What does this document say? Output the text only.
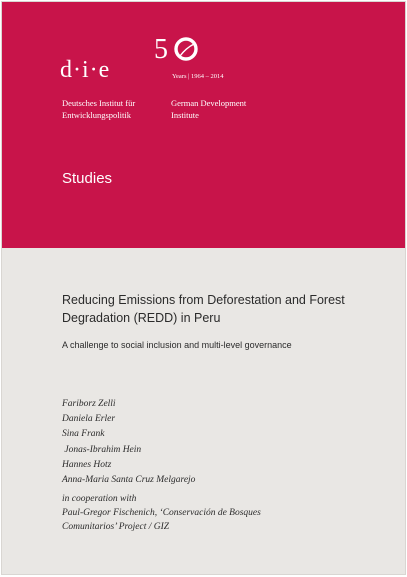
d·i·e
5
Years | 1964 – 2014
Deutsches Institut für
Entwicklungspolitik
German Development
Institute
Studies
Reducing Emissions from Deforestation and Forest Degradation (REDD) in Peru
A challenge to social inclusion and multi-level governance
Fariborz Zelli
Daniela Erler
Sina Frank
Jonas-Ibrahim Hein
Hannes Hotz
Anna-Maria Santa Cruz Melgarejo
in cooperation with
Paul-Gregor Fischenich, ‘Conservación de Bosques
Comunitarios’ Project / GIZ
